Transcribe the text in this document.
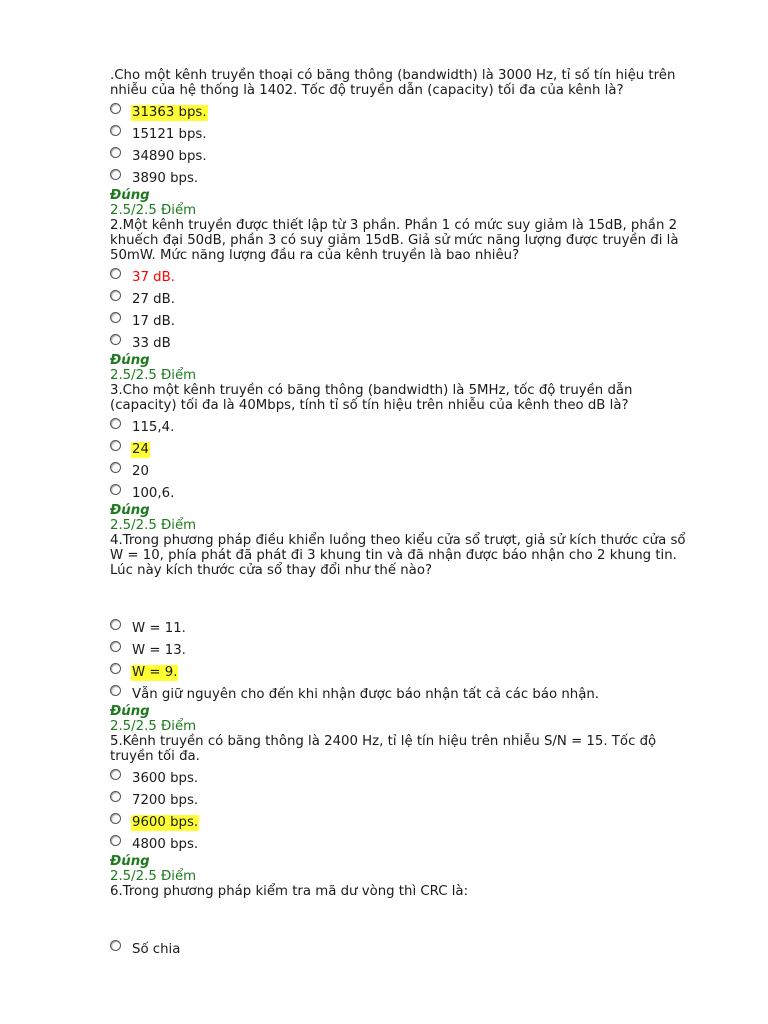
.Cho một kênh truyền thoại có băng thông (bandwidth) là 3000 Hz, tỉ số tín hiệu trên nhiễu của hệ thống là 1402. Tốc độ truyền dẫn (capacity) tối đa của kênh là?

31363 bps.
15121 bps.
34890 bps.
3890 bps.
Đúng
2.5/2.5 Điểm

2.Một kênh truyền được thiết lập từ 3 phần. Phần 1 có mức suy giảm là 15dB, phần 2 khuếch đại 50dB, phần 3 có suy giảm 15dB. Giả sử mức năng lượng được truyền đi là 50mW. Mức năng lượng đầu ra của kênh truyền là bao nhiêu?

37 dB.
27 dB.
17 dB.
33 dB
Đúng
2.5/2.5 Điểm

3.Cho một kênh truyền có băng thông (bandwidth) là 5MHz, tốc độ truyền dẫn (capacity) tối đa là 40Mbps, tính tỉ số tín hiệu trên nhiễu của kênh theo dB là?

115,4.
24
20
100,6.
Đúng
2.5/2.5 Điểm

4.Trong phương pháp điều khiển luồng theo kiểu cửa sổ trượt, giả sử kích thước cửa sổ W = 10, phía phát đã phát đi 3 khung tin và đã nhận được báo nhận cho 2 khung tin. Lúc này kích thước cửa sổ thay đổi như thế nào?

W = 11.
W = 13.
W = 9.
Vẫn giữ nguyên cho đến khi nhận được báo nhận tất cả các báo nhận.
Đúng
2.5/2.5 Điểm

5.Kênh truyền có băng thông là 2400 Hz, tỉ lệ tín hiệu trên nhiễu S/N = 15. Tốc độ truyền tối đa.

3600 bps.
7200 bps.
9600 bps.
4800 bps.
Đúng
2.5/2.5 Điểm

6.Trong phương pháp kiểm tra mã dư vòng thì CRC là:

Số chia
